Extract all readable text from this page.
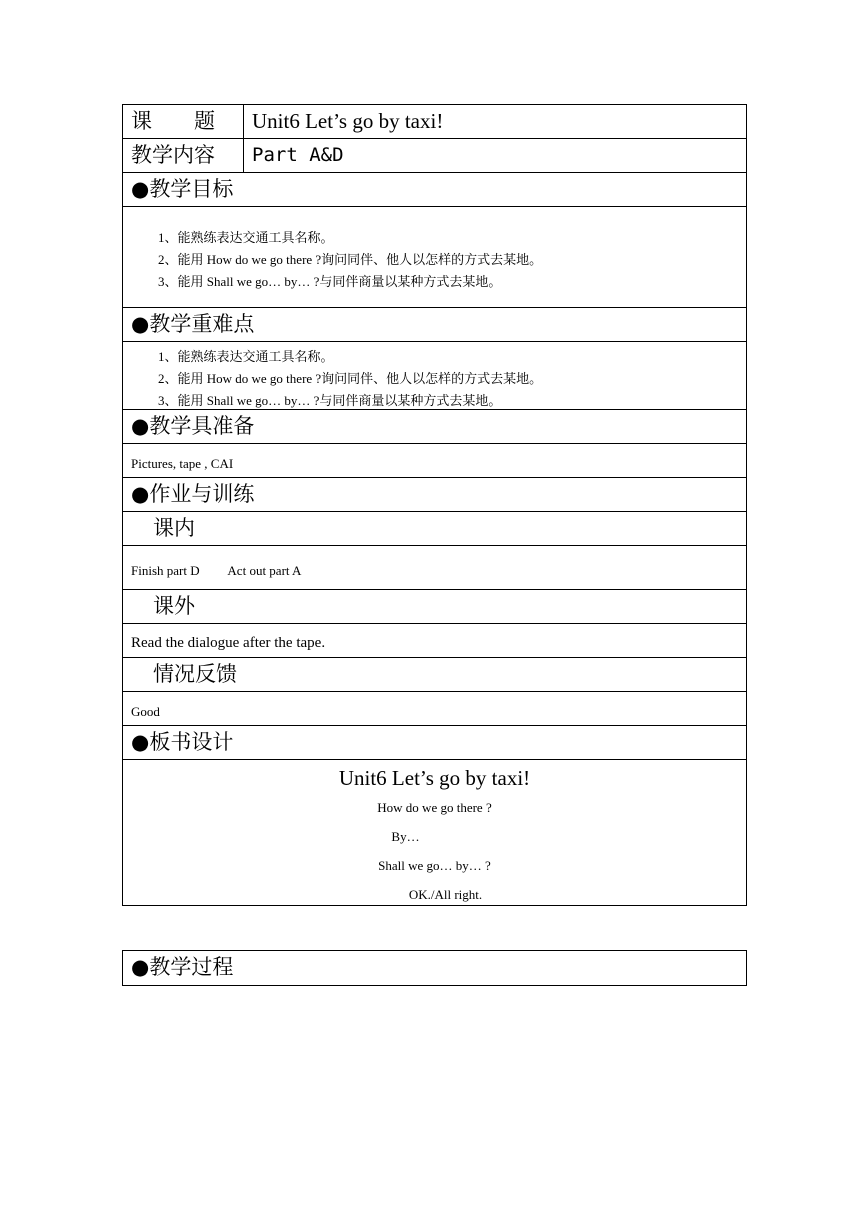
课　　题	Unit6 Let’s go by taxi!
教学内容	Part A&D
●教学目标
1、能熟练表达交通工具名称。
2、能用 How do we go there ?询问同伴、他人以怎样的方式去某地。
3、能用 Shall we go… by… ?与同伴商量以某种方式去某地。
●教学重难点
1、能熟练表达交通工具名称。
2、能用 How do we go there ?询问同伴、他人以怎样的方式去某地。
3、能用 Shall we go… by… ?与同伴商量以某种方式去某地。
●教学具准备
Pictures, tape , CAI
●作业与训练
课内
Finish part D Act out part A
课外
Read the dialogue after the tape.
情况反馈
Good
●板书设计
Unit6 Let’s go by taxi!
How do we go there ?
By…
Shall we go… by… ?
OK./All right.
●教学过程
